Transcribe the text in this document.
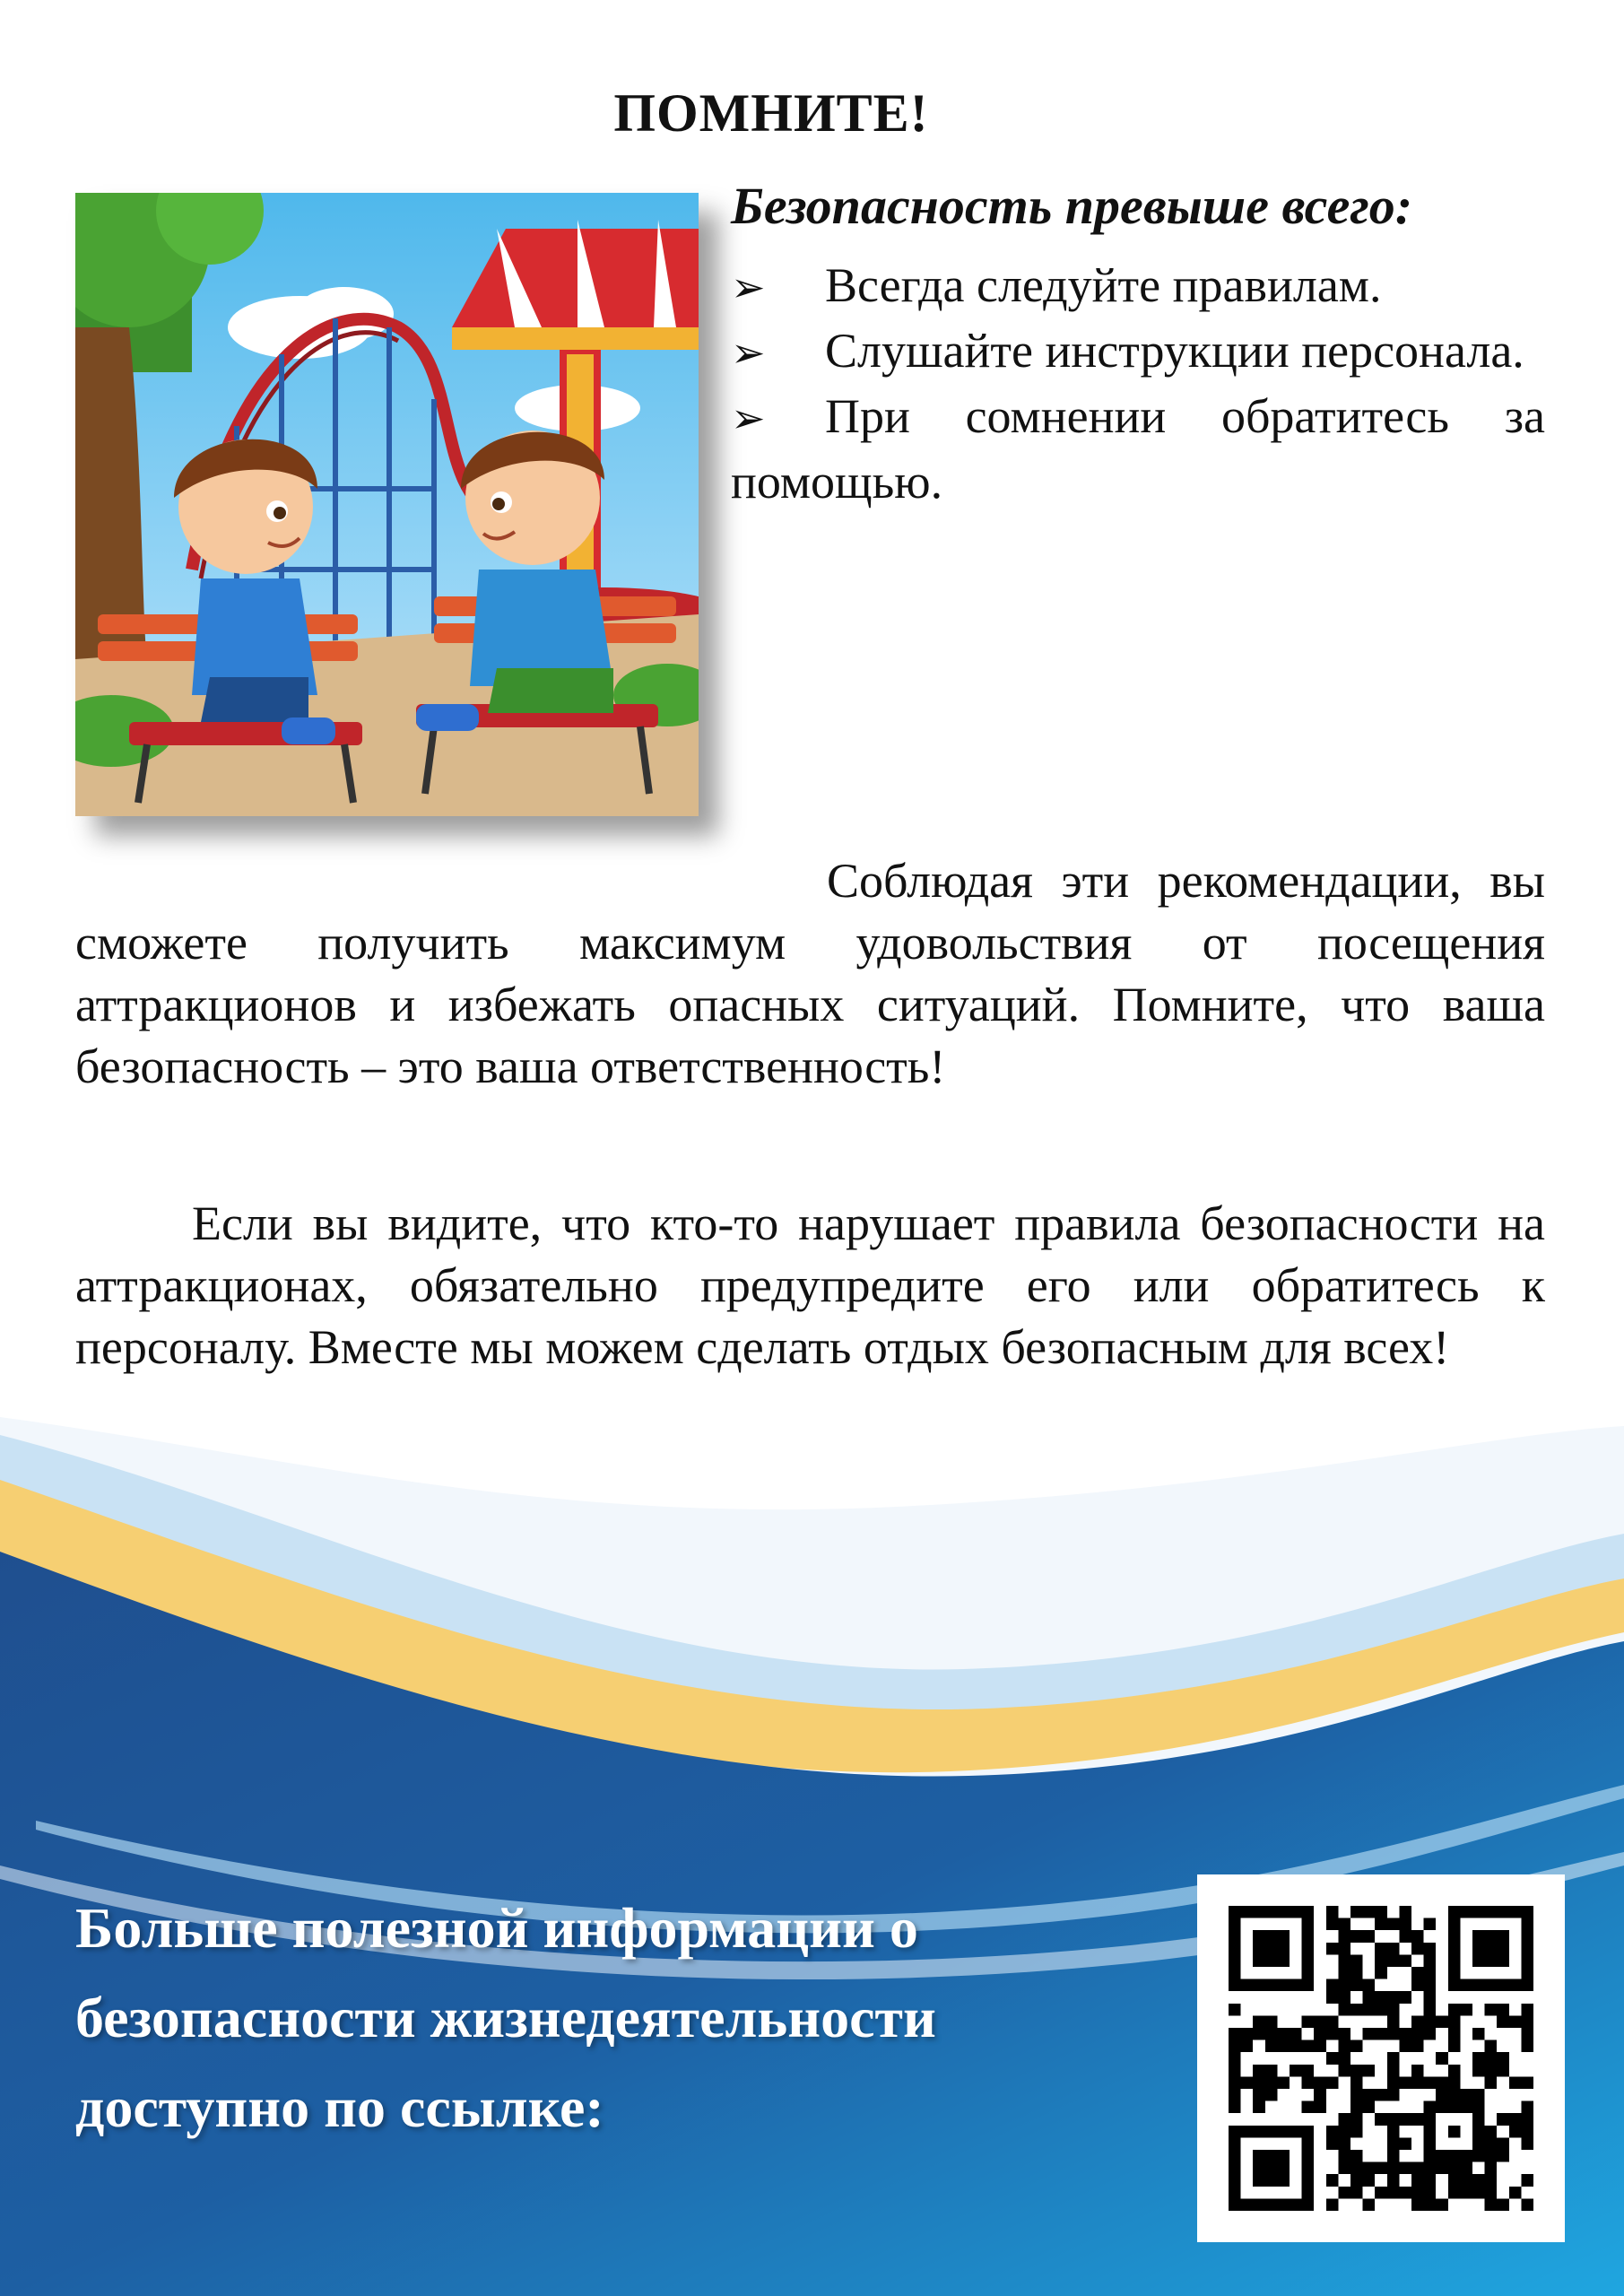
ПОМНИТЕ!

Безопасность превыше всего:

➢ Всегда следуйте правилам.
➢ Слушайте инструкции персонала.
➢ При сомнении обратитесь за помощью.

Соблюдая эти рекомендации, вы сможете получить максимум удовольствия от посещения аттракционов и избежать опасных ситуаций. Помните, что ваша безопасность – это ваша ответственность!

Если вы видите, что кто-то нарушает правила безопасности на аттракционах, обязательно предупредите его или обратитесь к персоналу. Вместе мы можем сделать отдых безопасным для всех!

Больше полезной информации о
безопасности жизнедеятельности
доступно по ссылке:
